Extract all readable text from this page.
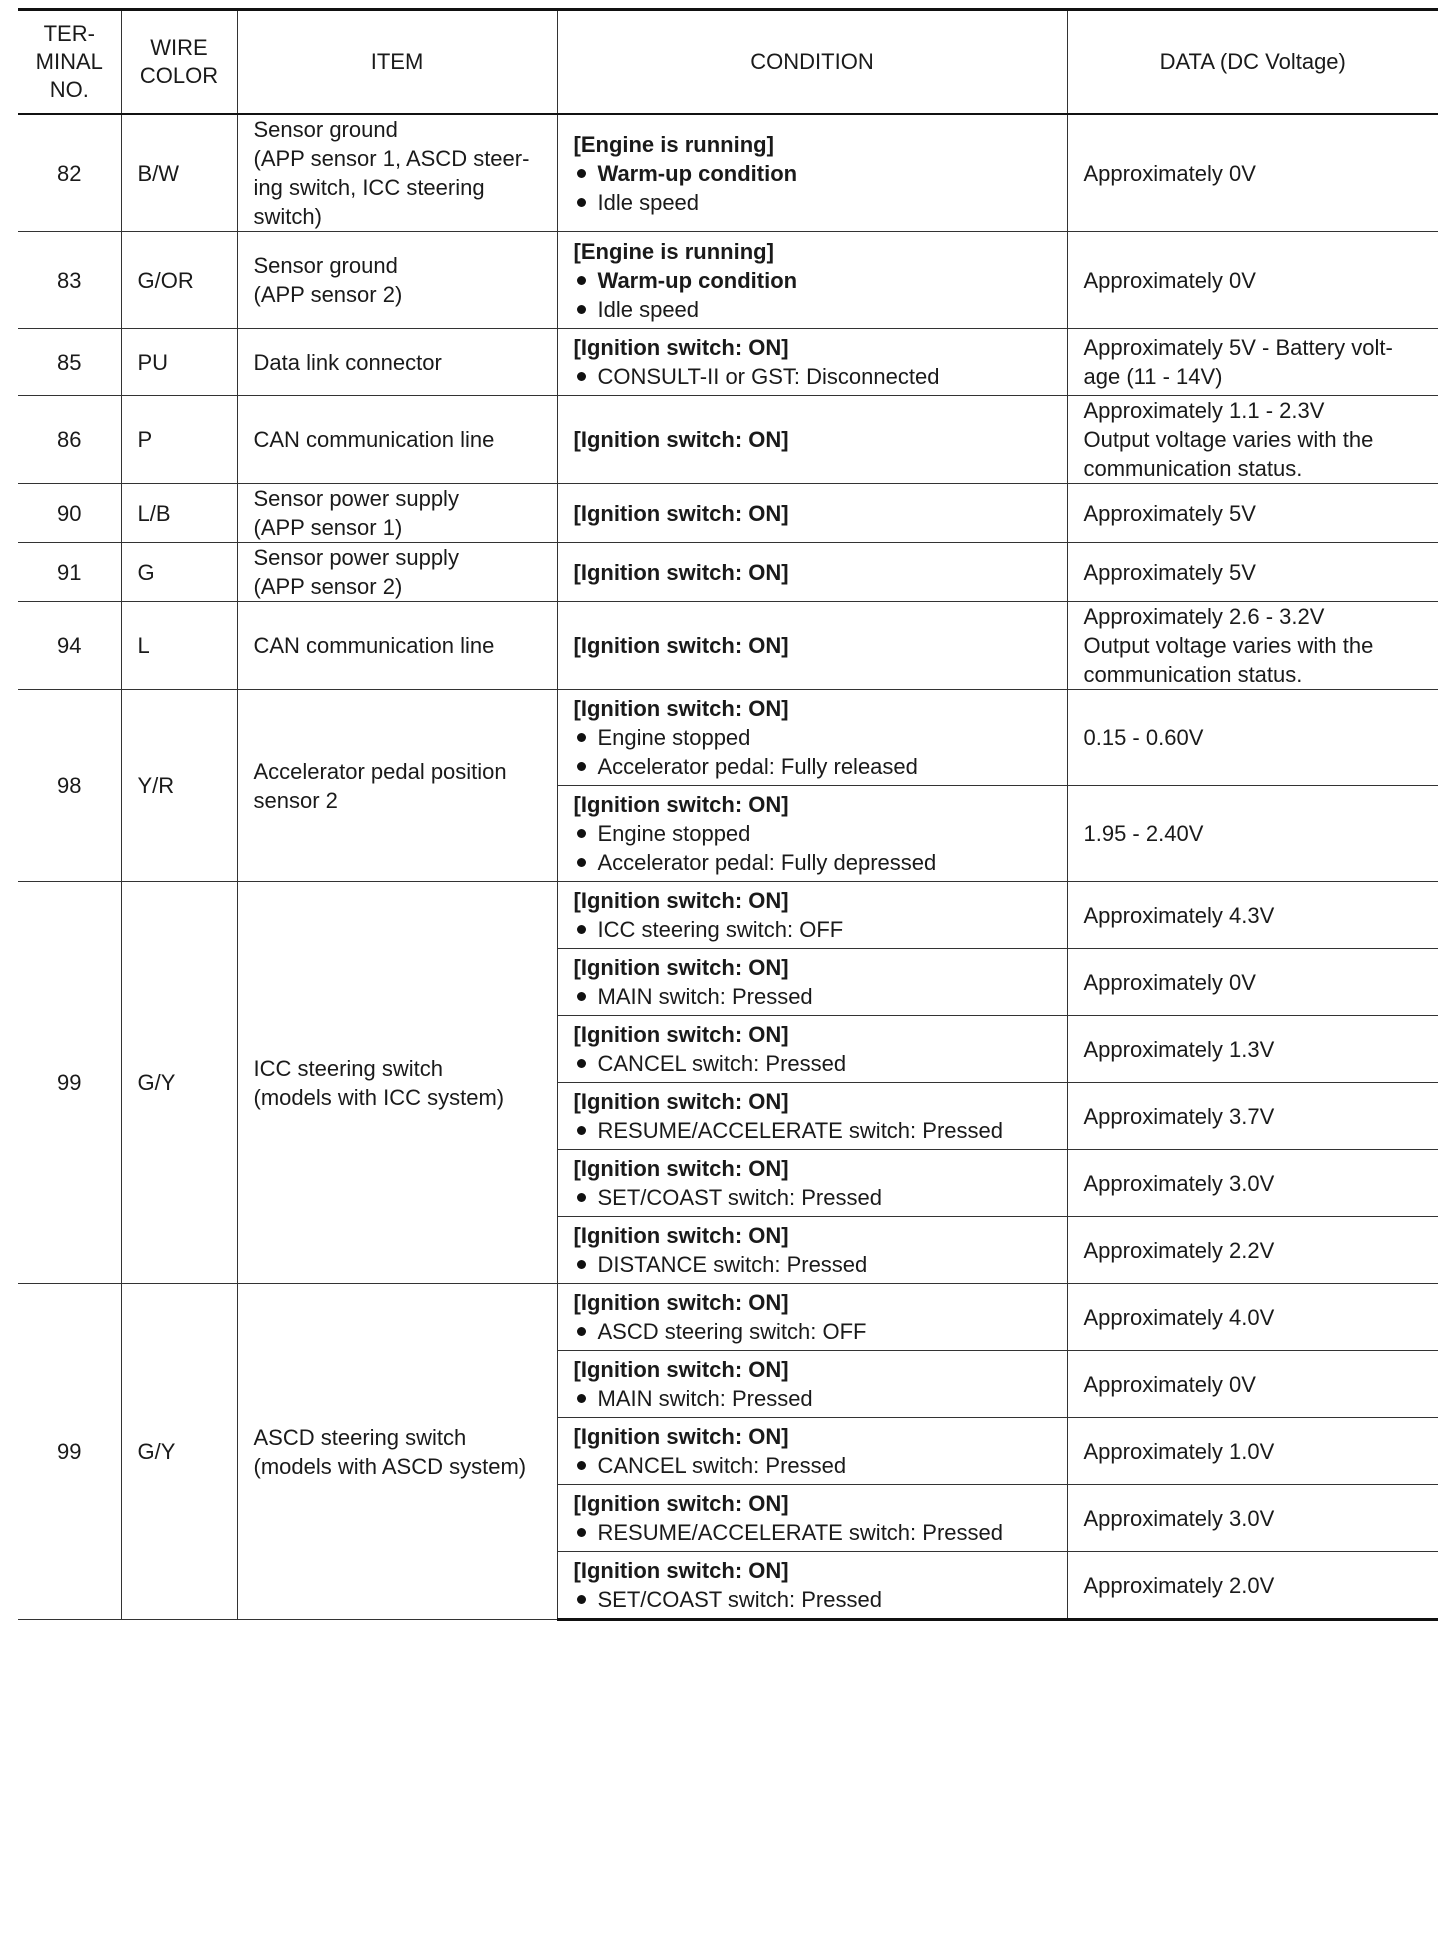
TER-
MINAL
NO.	WIRE
COLOR	ITEM	CONDITION	DATA (DC Voltage)
82	B/W	Sensor ground
(APP sensor 1, ASCD steer-
ing switch, ICC steering
switch)	[Engine is running]
Warm-up condition
Idle speed	Approximately 0V
83	G/OR	Sensor ground
(APP sensor 2)	[Engine is running]
Warm-up condition
Idle speed	Approximately 0V
85	PU	Data link connector	[Ignition switch: ON]
CONSULT-II or GST: Disconnected	Approximately 5V - Battery volt-
age (11 - 14V)
86	P	CAN communication line	[Ignition switch: ON]	Approximately 1.1 - 2.3V
Output voltage varies with the
communication status.
90	L/B	Sensor power supply
(APP sensor 1)	[Ignition switch: ON]	Approximately 5V
91	G	Sensor power supply
(APP sensor 2)	[Ignition switch: ON]	Approximately 5V
94	L	CAN communication line	[Ignition switch: ON]	Approximately 2.6 - 3.2V
Output voltage varies with the
communication status.
98	Y/R	Accelerator pedal position
sensor 2	[Ignition switch: ON]
Engine stopped
Accelerator pedal: Fully released	0.15 - 0.60V

			[Ignition switch: ON]
Engine stopped
Accelerator pedal: Fully depressed	1.95 - 2.40V
99	G/Y	ICC steering switch
(models with ICC system)	[Ignition switch: ON]
ICC steering switch: OFF	Approximately 4.3V

			[Ignition switch: ON]
MAIN switch: Pressed	Approximately 0V

			[Ignition switch: ON]
CANCEL switch: Pressed	Approximately 1.3V

			[Ignition switch: ON]
RESUME/ACCELERATE switch: Pressed	Approximately 3.7V

			[Ignition switch: ON]
SET/COAST switch: Pressed	Approximately 3.0V

			[Ignition switch: ON]
DISTANCE switch: Pressed	Approximately 2.2V
99	G/Y	ASCD steering switch
(models with ASCD system)	[Ignition switch: ON]
ASCD steering switch: OFF	Approximately 4.0V

			[Ignition switch: ON]
MAIN switch: Pressed	Approximately 0V

			[Ignition switch: ON]
CANCEL switch: Pressed	Approximately 1.0V

			[Ignition switch: ON]
RESUME/ACCELERATE switch: Pressed	Approximately 3.0V

			[Ignition switch: ON]
SET/COAST switch: Pressed	Approximately 2.0V
